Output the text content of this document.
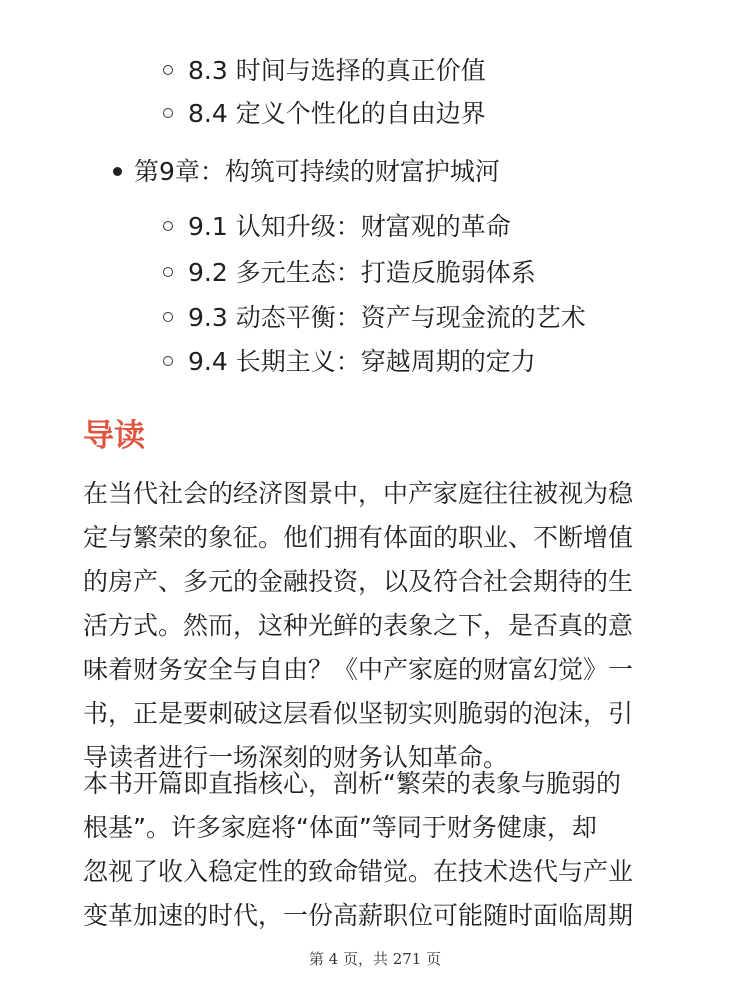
8.3 时间与选择的真正价值
8.4 定义个性化的自由边界
第9章：构筑可持续的财富护城河
9.1 认知升级：财富观的革命
9.2 多元生态：打造反脆弱体系
9.3 动态平衡：资产与现金流的艺术
9.4 长期主义：穿越周期的定力
导读
在当代社会的经济图景中，中产家庭往往被视为稳
定与繁荣的象征。他们拥有体面的职业、不断增值
的房产、多元的金融投资，以及符合社会期待的生
活方式。然而，这种光鲜的表象之下，是否真的意
味着财务安全与自由？《中产家庭的财富幻觉》一
书，正是要刺破这层看似坚韧实则脆弱的泡沫，引
导读者进行一场深刻的财务认知革命。
本书开篇即直指核心，剖析“繁荣的表象与脆弱的
根基”。许多家庭将“体面”等同于财务健康，却
忽视了收入稳定性的致命错觉。在技术迭代与产业
变革加速的时代，一份高薪职位可能随时面临周期
第 4 页，共 271 页
